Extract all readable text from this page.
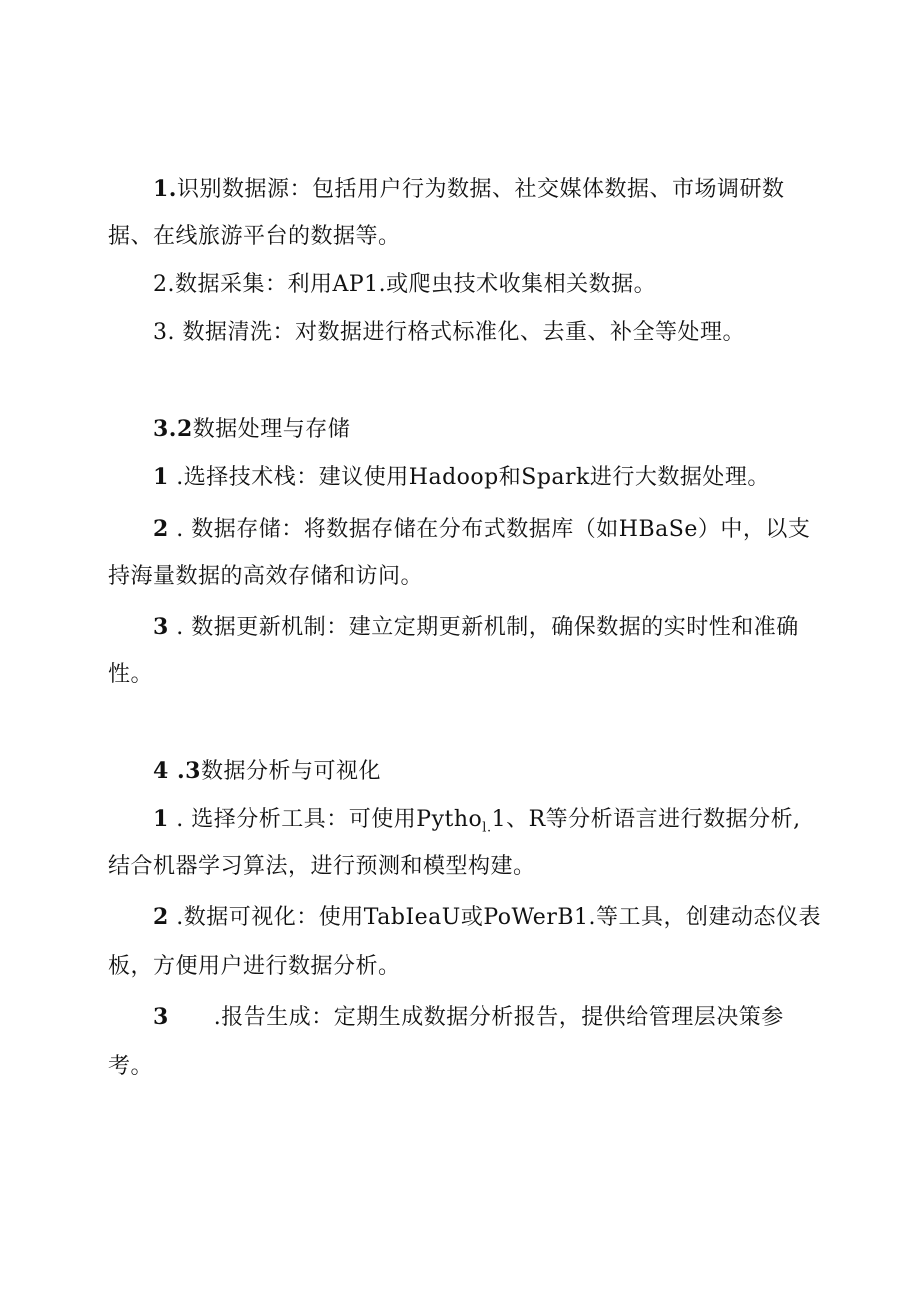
1.识别数据源：包括用户行为数据、社交媒体数据、市场调研数
据、在线旅游平台的数据等。
2.数据采集：利用AP1.或爬虫技术收集相关数据。
3. 数据清洗：对数据进行格式标准化、去重、补全等处理。
3.2数据处理与存储
1 .选择技术栈：建议使用Hadoop和Spark进行大数据处理。
2 . 数据存储：将数据存储在分布式数据库（如HBaSe）中，以支
持海量数据的高效存储和访问。
3 . 数据更新机制：建立定期更新机制，确保数据的实时性和准确
性。
4 .3数据分析与可视化
1 . 选择分析工具：可使用Pytho$_{l.}$1、R等分析语言进行数据分析,
结合机器学习算法，进行预测和模型构建。
2 .数据可视化：使用TabIeaU或PoWerB1.等工具，创建动态仪表
板，方便用户进行数据分析。
3      .报告生成：定期生成数据分析报告，提供给管理层决策参
考。
